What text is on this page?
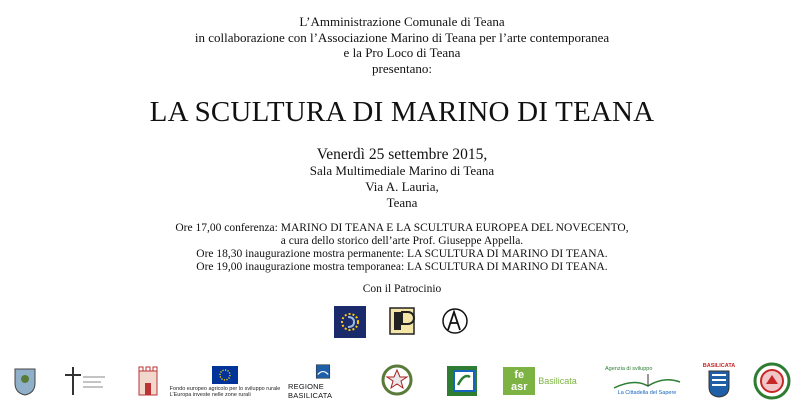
L’Amministrazione Comunale di Teana
in collaborazione con l’Associazione Marino di Teana per l’arte contemporanea
e la Pro Loco di Teana
presentano:
LA SCULTURA DI MARINO DI TEANA
Venerdì 25 settembre 2015,
Sala Multimediale Marino di Teana
Via A. Lauria,
Teana
Ore 17,00 conferenza: MARINO DI TEANA E LA SCULTURA EUROPEA DEL NOVECENTO,
a cura dello storico dell’arte Prof. Giuseppe Appella.
Ore 18,30 inaugurazione mostra permanente: LA SCULTURA DI MARINO DI TEANA.
Ore 19,00 inaugurazione mostra temporanea: LA SCULTURA DI MARINO DI TEANA.
Con il Patrocinio
Fondo europeo agricolo per lo sviluppo rurale
L’Europa investe nelle zone rurali
REGIONE BASILICATA
fe asr	Basilicata
Agenzia di sviluppo
La Cittadella del Sapere
BASILICATA
